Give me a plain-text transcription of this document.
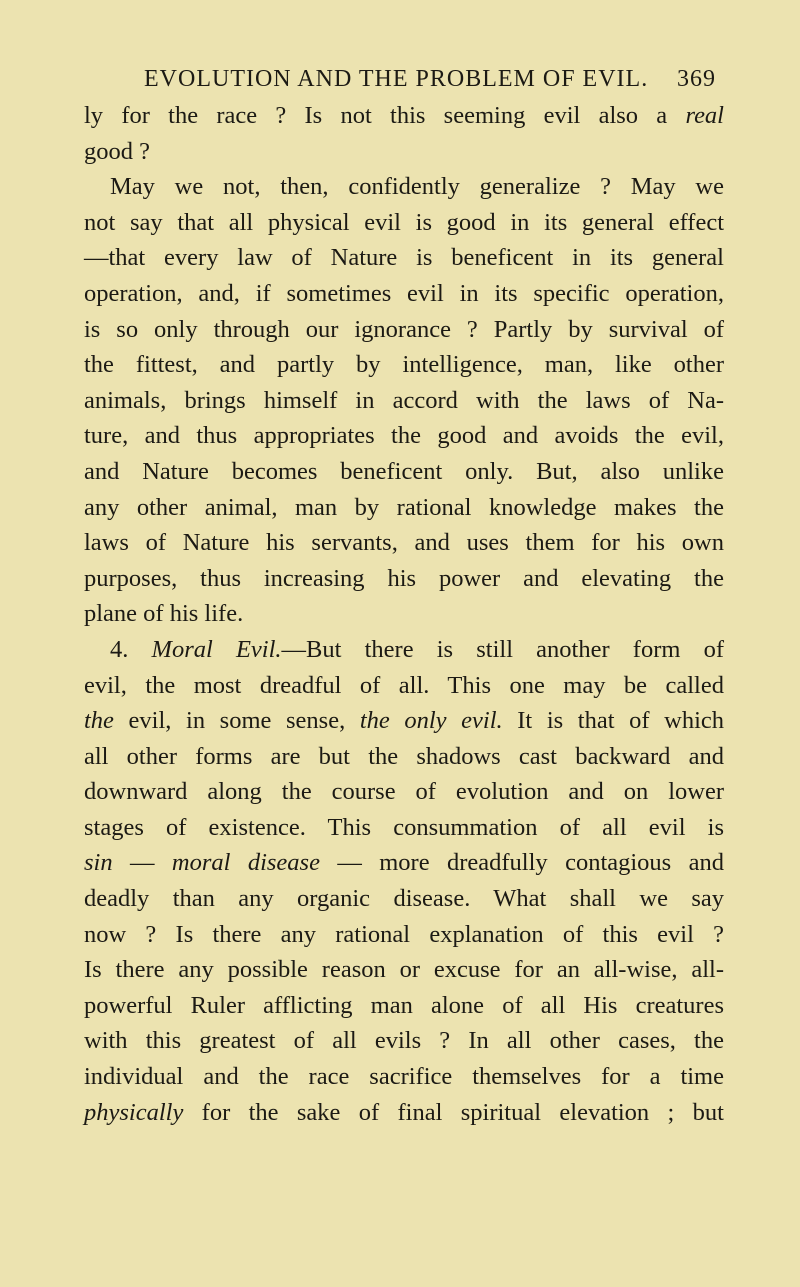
EVOLUTION AND THE PROBLEM OF EVIL. 369
ly for the race ? Is not this seeming evil also a real
good ?
May we not, then, confidently generalize ? May we
not say that all physical evil is good in its general effect
—that every law of Nature is beneficent in its general
operation, and, if sometimes evil in its specific operation,
is so only through our ignorance ? Partly by survival of
the fittest, and partly by intelligence, man, like other
animals, brings himself in accord with the laws of Na-
ture, and thus appropriates the good and avoids the evil,
and Nature becomes beneficent only. But, also unlike
any other animal, man by rational knowledge makes the
laws of Nature his servants, and uses them for his own
purposes, thus increasing his power and elevating the
plane of his life.
4. Moral Evil.—But there is still another form of
evil, the most dreadful of all. This one may be called
the evil, in some sense, the only evil. It is that of which
all other forms are but the shadows cast backward and
downward along the course of evolution and on lower
stages of existence. This consummation of all evil is
sin — moral disease — more dreadfully contagious and
deadly than any organic disease. What shall we say
now ? Is there any rational explanation of this evil ?
Is there any possible reason or excuse for an all-wise, all-
powerful Ruler afflicting man alone of all His creatures
with this greatest of all evils ? In all other cases, the
individual and the race sacrifice themselves for a time
physically for the sake of final spiritual elevation ; but
